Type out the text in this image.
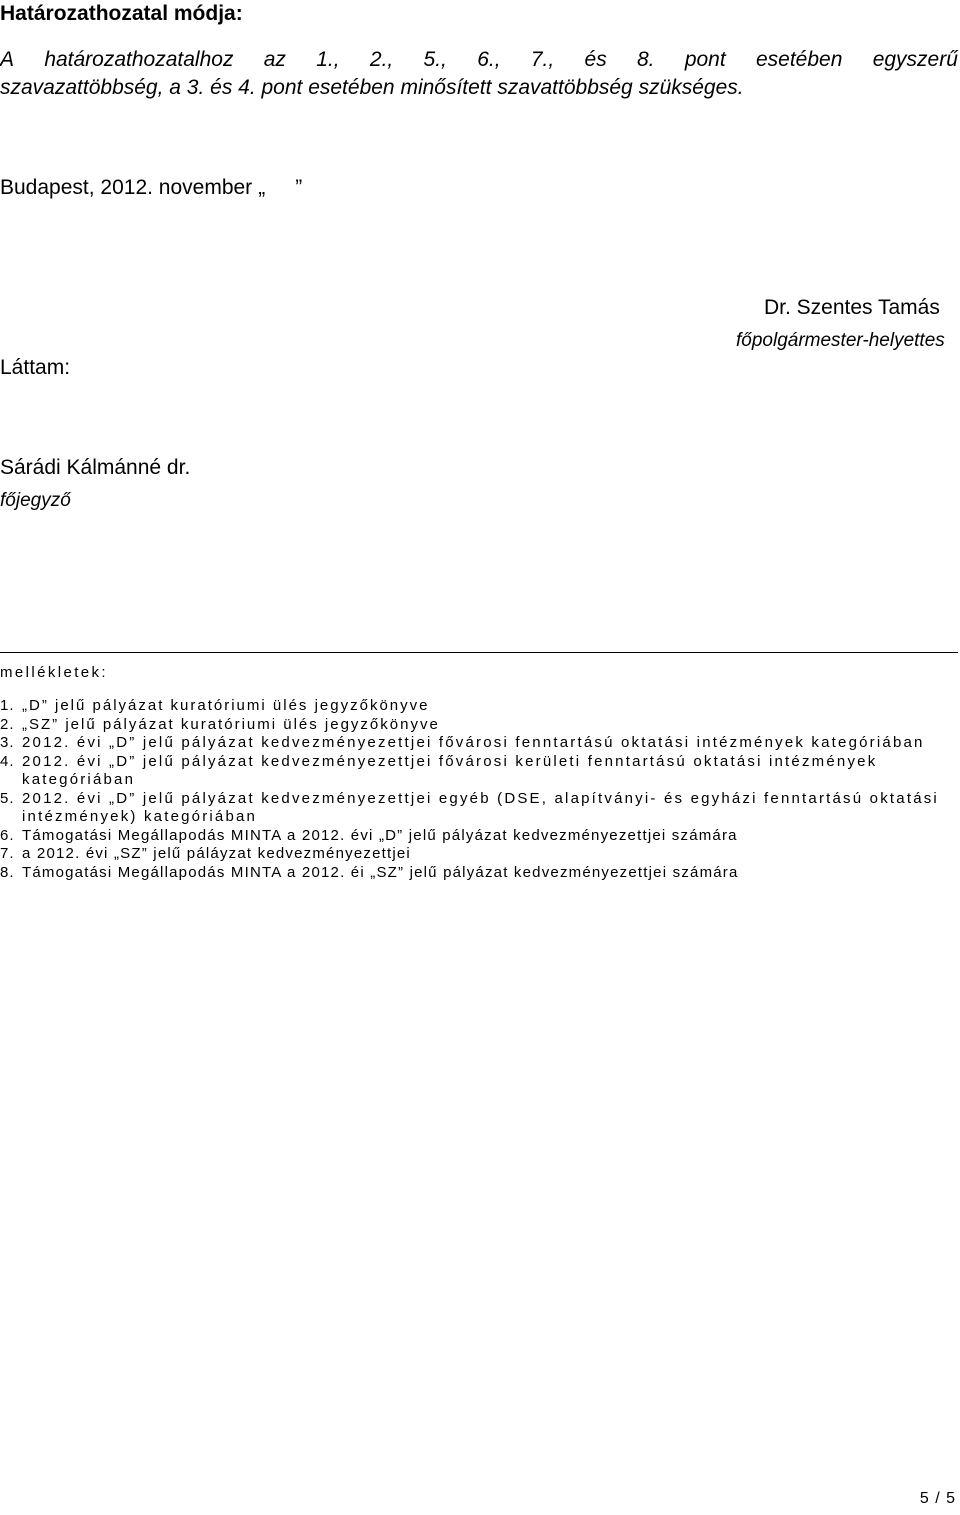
Határozathozatal módja:
A határozathozatalhoz az 1., 2., 5., 6., 7., és 8. pont esetében egyszerű
szavazattöbbség, a 3. és 4. pont esetében minősített szavattöbbség szükséges.
Budapest, 2012. november „ ”
Dr. Szentes Tamás
főpolgármester-helyettes
Láttam:
Sárádi Kálmánné dr.
főjegyző
mellékletek:
1. „D” jelű pályázat kuratóriumi ülés jegyzőkönyve
2. „SZ” jelű pályázat kuratóriumi ülés jegyzőkönyve
3. 2012. évi „D” jelű pályázat kedvezményezettjei fővárosi fenntartású oktatási intézmények kategóriában
4. 2012. évi „D” jelű pályázat kedvezményezettjei fővárosi kerületi fenntartású oktatási intézmények kategóriában
5. 2012. évi „D” jelű pályázat kedvezményezettjei egyéb (DSE, alapítványi- és egyházi fenntartású oktatási intézmények) kategóriában
6. Támogatási Megállapodás MINTA a 2012. évi „D” jelű pályázat kedvezményezettjei számára
7. a 2012. évi „SZ” jelű páláyzat kedvezményezettjei
8. Támogatási Megállapodás MINTA a 2012. éi „SZ” jelű pályázat kedvezményezettjei számára
5 / 5
